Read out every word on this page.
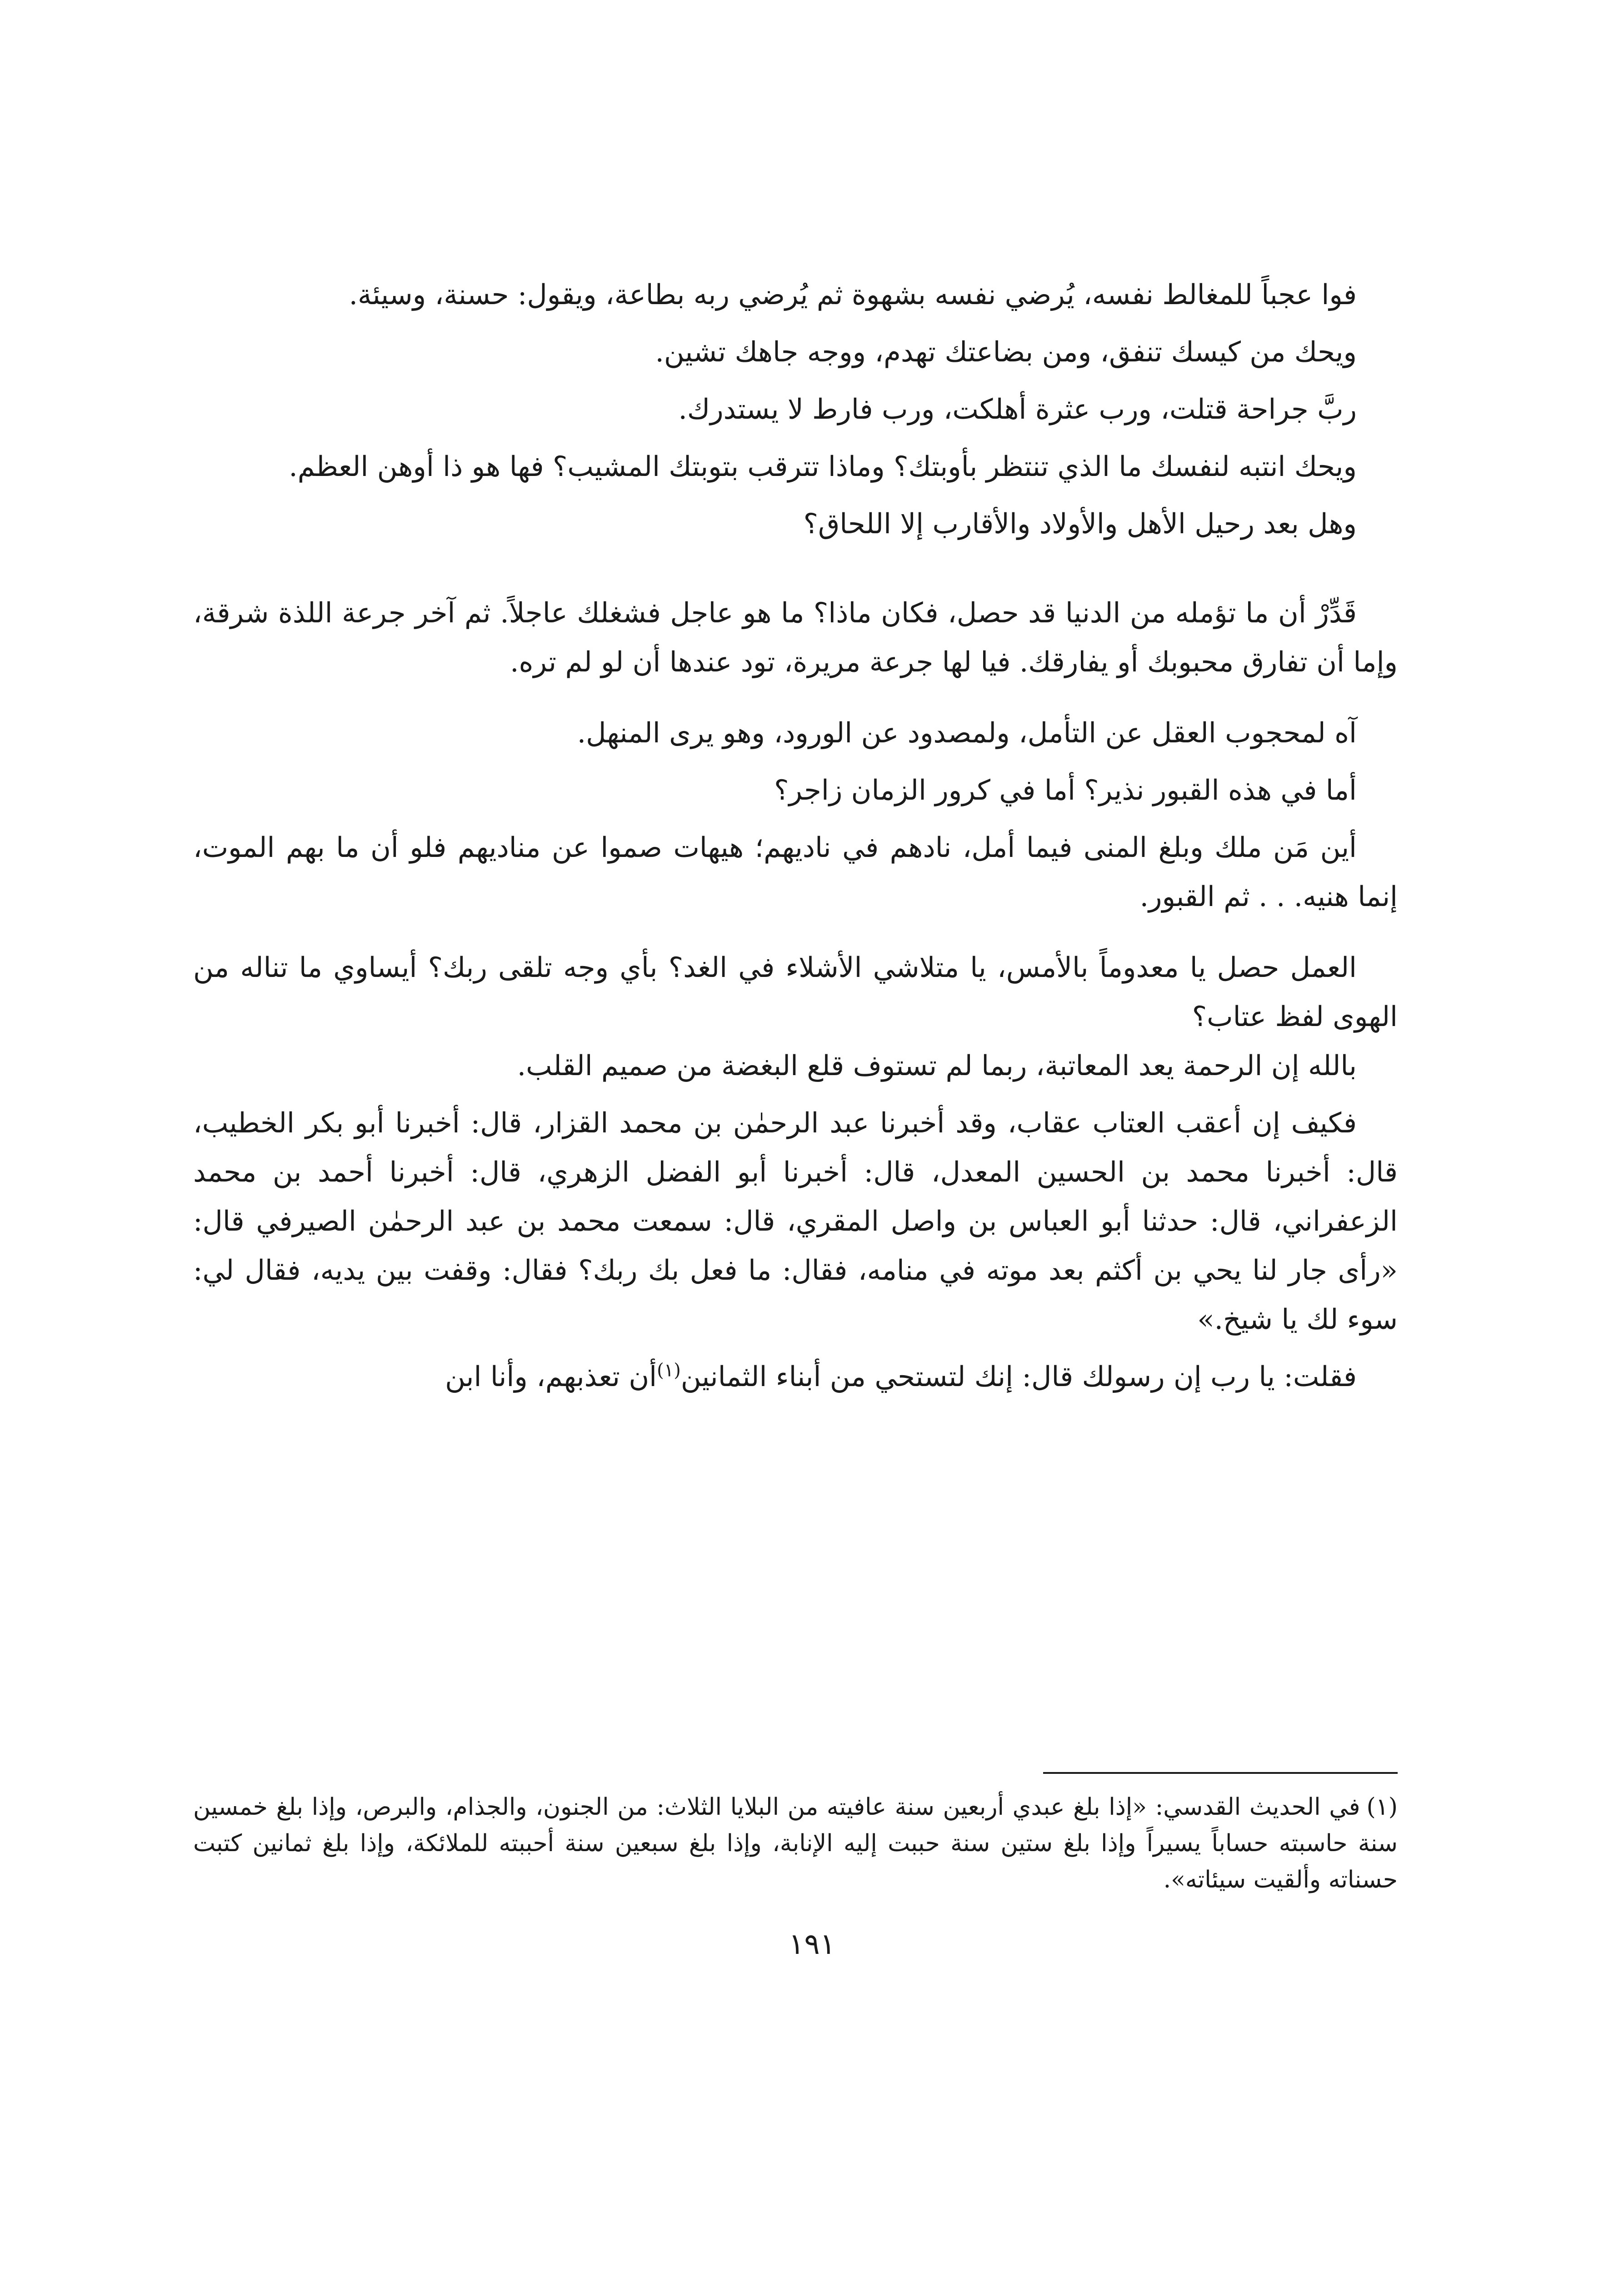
فوا عجباً للمغالط نفسه، يُرضي نفسه بشهوة ثم يُرضي ربه بطاعة، ويقول: حسنة، وسيئة.

ويحك من كيسك تنفق، ومن بضاعتك تهدم، ووجه جاهك تشين.

ربَّ جراحة قتلت، ورب عثرة أهلكت، ورب فارط لا يستدرك.

ويحك انتبه لنفسك ما الذي تنتظر بأوبتك؟ وماذا تترقب بتوبتك المشيب؟ فها هو ذا أوهن العظم.

وهل بعد رحيل الأهل والأولاد والأقارب إلا اللحاق؟

قَدِّرْ أن ما تؤمله من الدنيا قد حصل، فكان ماذا؟ ما هو عاجل فشغلك عاجلاً. ثم آخر جرعة اللذة شرقة، وإما أن تفارق محبوبك أو يفارقك. فيا لها جرعة مريرة، تود عندها أن لو لم تره.

آه لمحجوب العقل عن التأمل، ولمصدود عن الورود، وهو يرى المنهل.

أما في هذه القبور نذير؟ أما في كرور الزمان زاجر؟

أين مَن ملك وبلغ المنى فيما أمل، نادهم في ناديهم؛ هيهات صموا عن مناديهم فلو أن ما بهم الموت، إنما هنيه. . . ثم القبور.

العمل حصل يا معدوماً بالأمس، يا متلاشي الأشلاء في الغد؟ بأي وجه تلقى ربك؟ أيساوي ما تناله من الهوى لفظ عتاب؟

بالله إن الرحمة يعد المعاتبة، ربما لم تستوف قلع البغضة من صميم القلب.

فكيف إن أعقب العتاب عقاب، وقد أخبرنا عبد الرحمٰن بن محمد القزار، قال: أخبرنا أبو بكر الخطيب، قال: أخبرنا محمد بن الحسين المعدل، قال: أخبرنا أبو الفضل الزهري، قال: أخبرنا أحمد بن محمد الزعفراني، قال: حدثنا أبو العباس بن واصل المقري، قال: سمعت محمد بن عبد الرحمٰن الصيرفي قال: «رأى جار لنا يحي بن أكثم بعد موته في منامه، فقال: ما فعل بك ربك؟ فقال: وقفت بين يديه، فقال لي: سوء لك يا شيخ.»

فقلت: يا رب إن رسولك قال: إنك لتستحي من أبناء الثمانين$^{(١)}$أن تعذبهم، وأنا ابن

(١)في الحديث القدسي: «إذا بلغ عبدي أربعين سنة عافيته من البلايا الثلاث: من الجنون، والجذام، والبرص، وإذا بلغ خمسين سنة حاسبته حساباً يسيراً وإذا بلغ ستين سنة حببت إليه الإنابة، وإذا بلغ سبعين سنة أحببته للملائكة، وإذا بلغ ثمانين كتبت حسناته وألقيت سيئاته».

١٩١
